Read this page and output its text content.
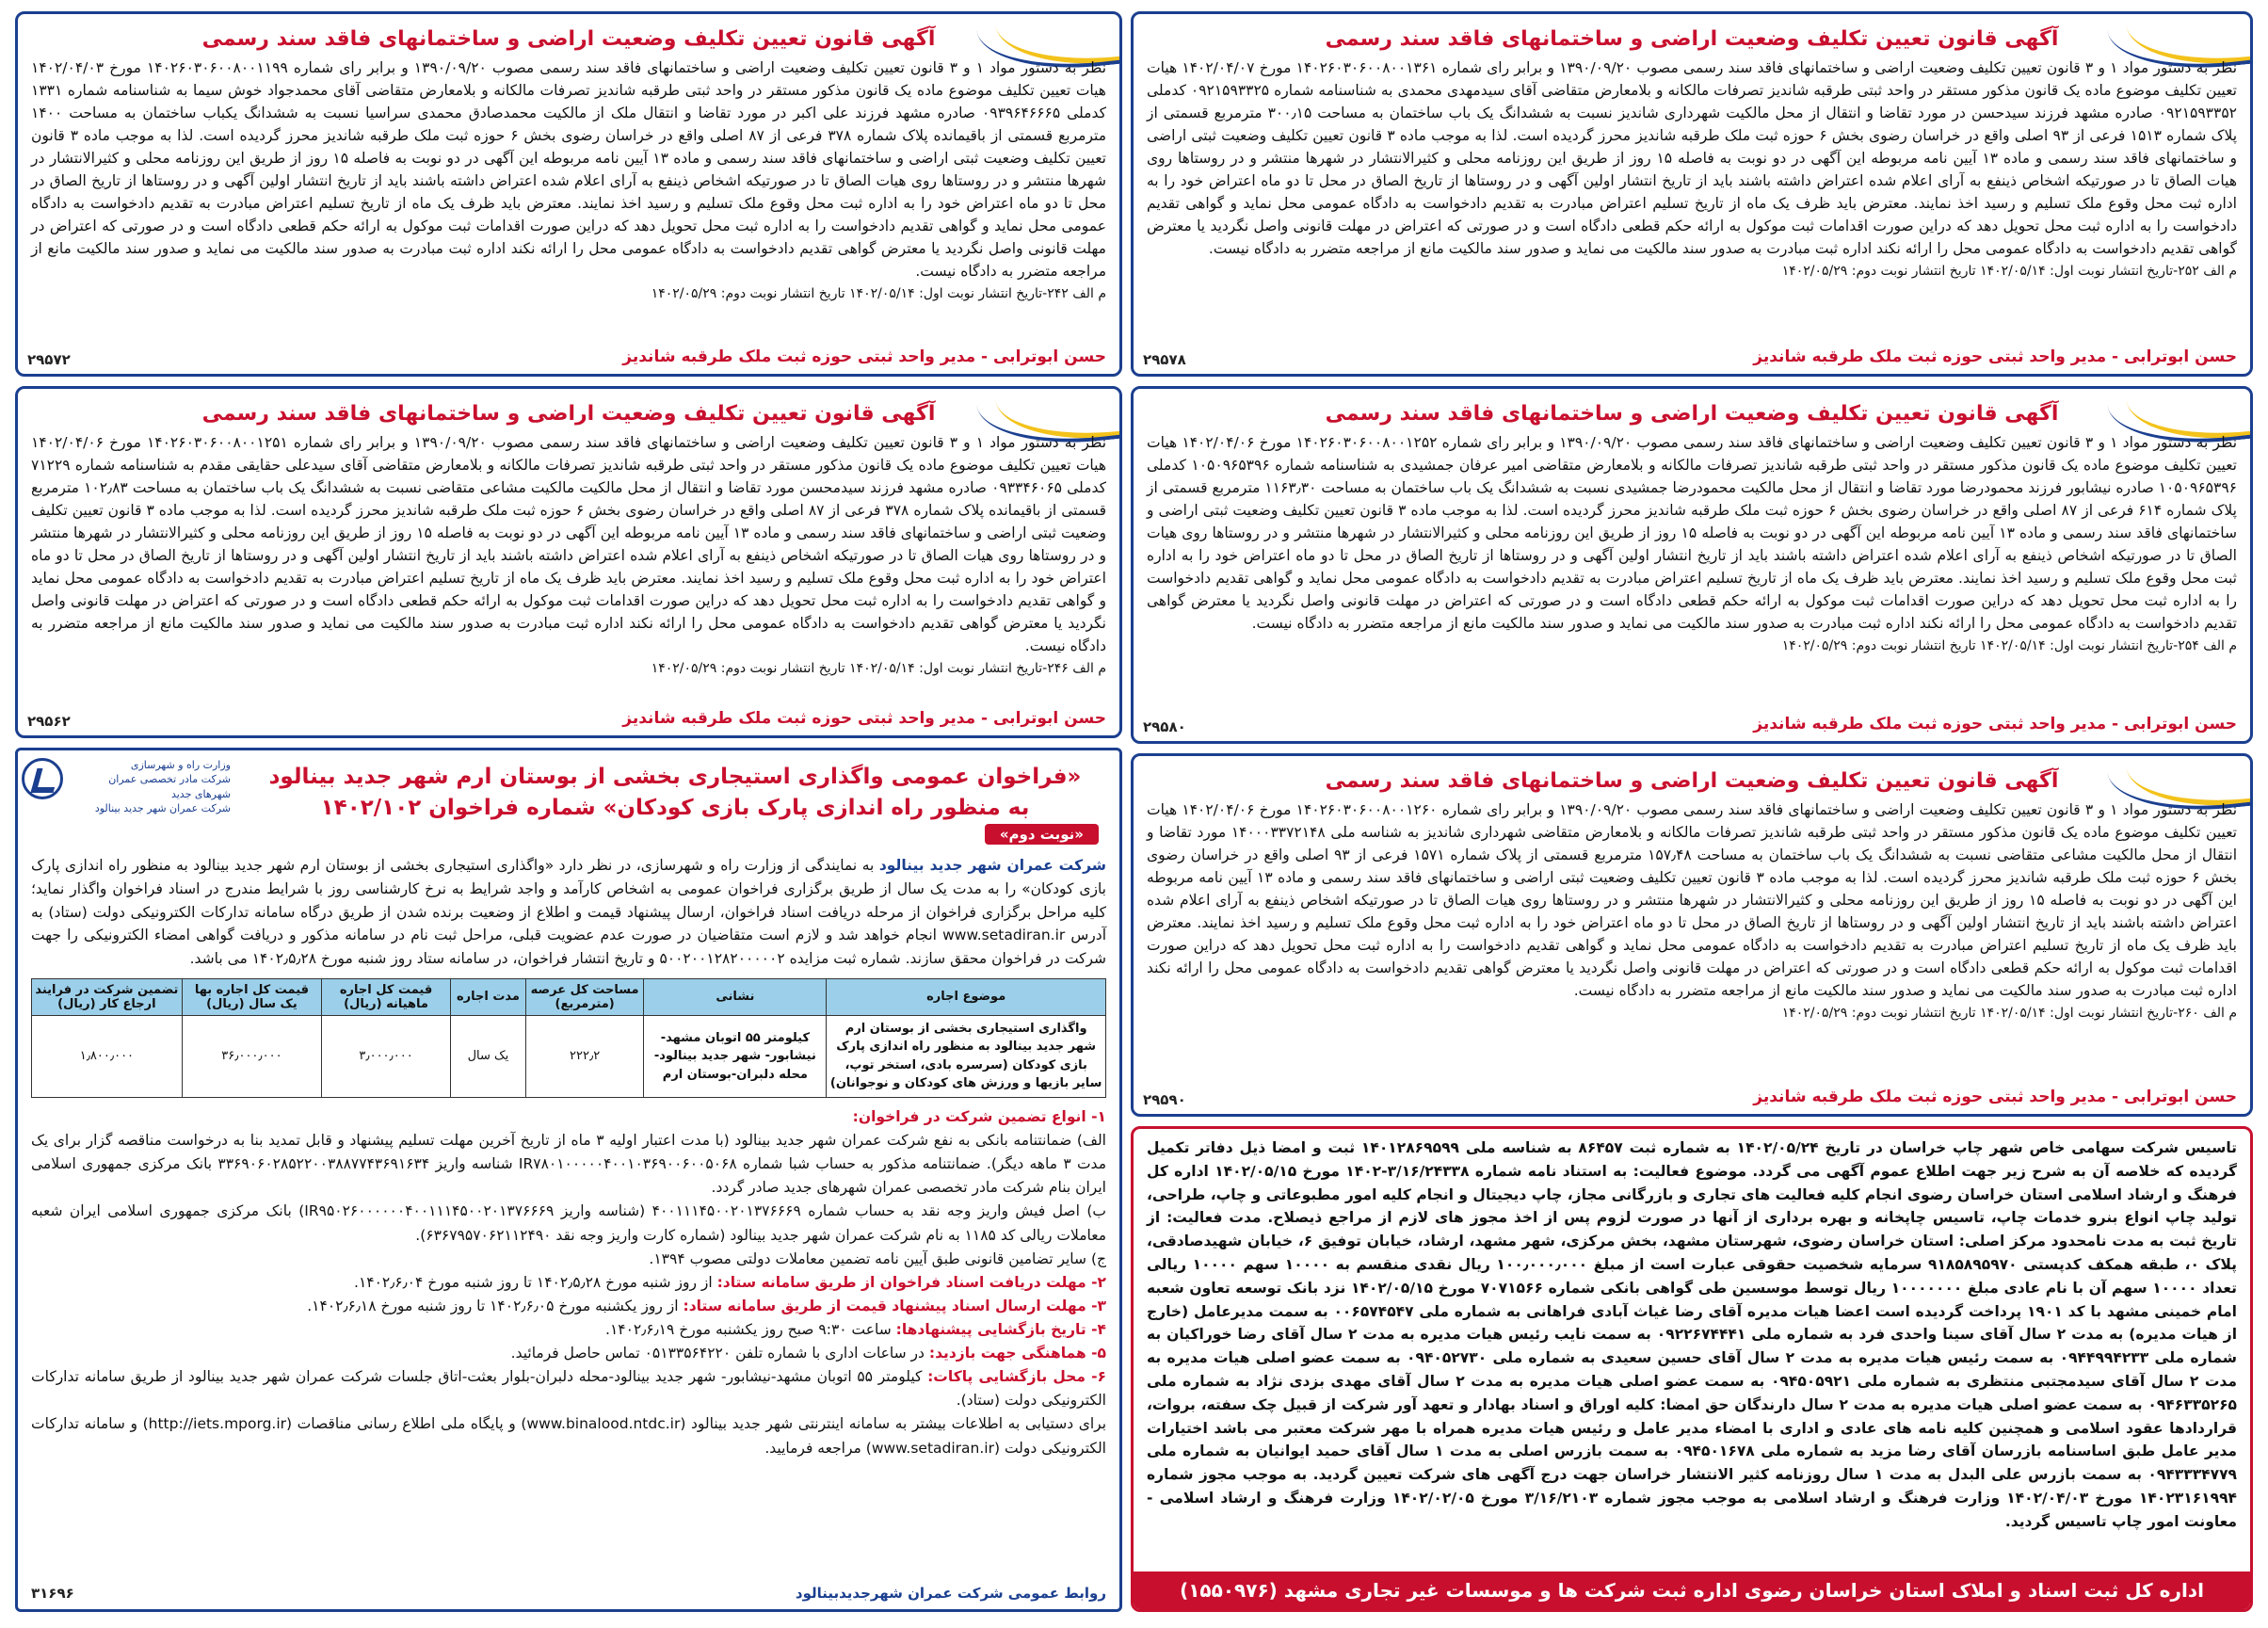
آگهی قانون تعیین تکلیف وضعیت اراضی و ساختمانهای فاقد سند رسمی
نظر به دستور مواد ۱ و ۳ قانون تعیین تکلیف وضعیت اراضی و ساختمانهای فاقد سند رسمی مصوب ۱۳۹۰/۰۹/۲۰ و برابر رای شماره ۱۴۰۲۶۰۳۰۶۰۰۸۰۰۱۳۶۱ مورخ ۱۴۰۲/۰۴/۰۷ هیات تعیین تکلیف موضوع ماده یک قانون مذکور مستقر در واحد ثبتی طرقبه شاندیز تصرفات مالکانه و بلامعارض متقاضی آقای سیدمهدی محمدی به شناسنامه شماره ۰۹۲۱۵۹۳۳۲۵ کدملی ۰۹۲۱۵۹۳۳۵۲ صادره مشهد فرزند سیدحسن در مورد تقاضا و انتقال از محل مالکیت شهرداری شاندیز نسبت به ششدانگ یک باب ساختمان به مساحت ۳۰۰٫۱۵ مترمربع قسمتی از پلاک شماره ۱۵۱۳ فرعی از ۹۳ اصلی واقع در خراسان رضوی بخش ۶ حوزه ثبت ملک طرقبه شاندیز محرز گردیده است. لذا به موجب ماده ۳ قانون تعیین تکلیف وضعیت ثبتی اراضی و ساختمانهای فاقد سند رسمی و ماده ۱۳ آیین نامه مربوطه این آگهی در دو نوبت به فاصله ۱۵ روز از طریق این روزنامه محلی و کثیرالانتشار در شهرها منتشر و در روستاها روی هیات الصاق تا در صورتیکه اشخاص ذینفع به آرای اعلام شده اعتراض داشته باشند باید از تاریخ انتشار اولین آگهی و در روستاها از تاریخ الصاق در محل تا دو ماه اعتراض خود را به اداره ثبت محل وقوع ملک تسلیم و رسید اخذ نمایند. معترض باید ظرف یک ماه از تاریخ تسلیم اعتراض مبادرت به تقدیم دادخواست به دادگاه عمومی محل نماید و گواهی تقدیم دادخواست را به اداره ثبت محل تحویل دهد که دراین صورت اقدامات ثبت موکول به ارائه حکم قطعی دادگاه است و در صورتی که اعتراض در مهلت قانونی واصل نگردید یا معترض گواهی تقدیم دادخواست به دادگاه عمومی محل را ارائه نکند اداره ثبت مبادرت به صدور سند مالکیت می نماید و صدور سند مالکیت مانع از مراجعه متضرر به دادگاه نیست.
م الف ۲۵۲-تاریخ انتشار نوبت اول: ۱۴۰۲/۰۵/۱۴ تاریخ انتشار نوبت دوم: ۱۴۰۲/۰۵/۲۹
حسن ابوترابی - مدیر واحد ثبتی حوزه ثبت ملک طرقبه شاندیز
۲۹۵۷۸
آگهی قانون تعیین تکلیف وضعیت اراضی و ساختمانهای فاقد سند رسمی
نظر به دستور مواد ۱ و ۳ قانون تعیین تکلیف وضعیت اراضی و ساختمانهای فاقد سند رسمی مصوب ۱۳۹۰/۰۹/۲۰ و برابر رای شماره ۱۴۰۲۶۰۳۰۶۰۰۸۰۰۱۱۹۹ مورخ ۱۴۰۲/۰۴/۰۳ هیات تعیین تکلیف موضوع ماده یک قانون مذکور مستقر در واحد ثبتی طرقبه شاندیز تصرفات مالکانه و بلامعارض متقاضی آقای محمدجواد خوش سیما به شناسنامه شماره ۱۳۳۱ کدملی ۰۹۳۹۶۴۶۶۶۵ صادره مشهد فرزند علی اکبر در مورد تقاضا و انتقال ملک از مالکیت محمدصادق محمدی سراسیا نسبت به ششدانگ یکباب ساختمان به مساحت ۱۴۰۰ مترمربع قسمتی از باقیمانده پلاک شماره ۳۷۸ فرعی از ۸۷ اصلی واقع در خراسان رضوی بخش ۶ حوزه ثبت ملک طرقبه شاندیز محرز گردیده است. لذا به موجب ماده ۳ قانون تعیین تکلیف وضعیت ثبتی اراضی و ساختمانهای فاقد سند رسمی و ماده ۱۳ آیین نامه مربوطه این آگهی در دو نوبت به فاصله ۱۵ روز از طریق این روزنامه محلی و کثیرالانتشار در شهرها منتشر و در روستاها روی هیات الصاق تا در صورتیکه اشخاص ذینفع به آرای اعلام شده اعتراض داشته باشند باید از تاریخ انتشار اولین آگهی و در روستاها از تاریخ الصاق در محل تا دو ماه اعتراض خود را به اداره ثبت محل وقوع ملک تسلیم و رسید اخذ نمایند. معترض باید ظرف یک ماه از تاریخ تسلیم اعتراض مبادرت به تقدیم دادخواست به دادگاه عمومی محل نماید و گواهی تقدیم دادخواست را به اداره ثبت محل تحویل دهد که دراین صورت اقدامات ثبت موکول به ارائه حکم قطعی دادگاه است و در صورتی که اعتراض در مهلت قانونی واصل نگردید یا معترض گواهی تقدیم دادخواست به دادگاه عمومی محل را ارائه نکند اداره ثبت مبادرت به صدور سند مالکیت می نماید و صدور سند مالکیت مانع از مراجعه متضرر به دادگاه نیست.
م الف ۲۴۲-تاریخ انتشار نوبت اول: ۱۴۰۲/۰۵/۱۴ تاریخ انتشار نوبت دوم: ۱۴۰۲/۰۵/۲۹
حسن ابوترابی - مدیر واحد ثبتی حوزه ثبت ملک طرقبه شاندیز
۲۹۵۷۲
آگهی قانون تعیین تکلیف وضعیت اراضی و ساختمانهای فاقد سند رسمی
نظر به دستور مواد ۱ و ۳ قانون تعیین تکلیف وضعیت اراضی و ساختمانهای فاقد سند رسمی مصوب ۱۳۹۰/۰۹/۲۰ و برابر رای شماره ۱۴۰۲۶۰۳۰۶۰۰۸۰۰۱۲۵۲ مورخ ۱۴۰۲/۰۴/۰۶ هیات تعیین تکلیف موضوع ماده یک قانون مذکور مستقر در واحد ثبتی طرقبه شاندیز تصرفات مالکانه و بلامعارض متقاضی امیر عرفان جمشیدی به شناسنامه شماره ۱۰۵۰۹۶۵۳۹۶ کدملی ۱۰۵۰۹۶۵۳۹۶ صادره نیشابور فرزند محمودرضا مورد تقاضا و انتقال از محل مالکیت محمودرضا جمشیدی نسبت به ششدانگ یک باب ساختمان به مساحت ۱۱۶۳٫۳۰ مترمربع قسمتی از پلاک شماره ۶۱۴ فرعی از ۸۷ اصلی واقع در خراسان رضوی بخش ۶ حوزه ثبت ملک طرقبه شاندیز محرز گردیده است. لذا به موجب ماده ۳ قانون تعیین تکلیف وضعیت ثبتی اراضی و ساختمانهای فاقد سند رسمی و ماده ۱۳ آیین نامه مربوطه این آگهی در دو نوبت به فاصله ۱۵ روز از طریق این روزنامه محلی و کثیرالانتشار در شهرها منتشر و در روستاها روی هیات الصاق تا در صورتیکه اشخاص ذینفع به آرای اعلام شده اعتراض داشته باشند باید از تاریخ انتشار اولین آگهی و در روستاها از تاریخ الصاق در محل تا دو ماه اعتراض خود را به اداره ثبت محل وقوع ملک تسلیم و رسید اخذ نمایند. معترض باید ظرف یک ماه از تاریخ تسلیم اعتراض مبادرت به تقدیم دادخواست به دادگاه عمومی محل نماید و گواهی تقدیم دادخواست را به اداره ثبت محل تحویل دهد که دراین صورت اقدامات ثبت موکول به ارائه حکم قطعی دادگاه است و در صورتی که اعتراض در مهلت قانونی واصل نگردید یا معترض گواهی تقدیم دادخواست به دادگاه عمومی محل را ارائه نکند اداره ثبت مبادرت به صدور سند مالکیت می نماید و صدور سند مالکیت مانع از مراجعه متضرر به دادگاه نیست.
م الف ۲۵۴-تاریخ انتشار نوبت اول: ۱۴۰۲/۰۵/۱۴ تاریخ انتشار نوبت دوم: ۱۴۰۲/۰۵/۲۹
حسن ابوترابی - مدیر واحد ثبتی حوزه ثبت ملک طرقبه شاندیز
۲۹۵۸۰
آگهی قانون تعیین تکلیف وضعیت اراضی و ساختمانهای فاقد سند رسمی
نظر به دستور مواد ۱ و ۳ قانون تعیین تکلیف وضعیت اراضی و ساختمانهای فاقد سند رسمی مصوب ۱۳۹۰/۰۹/۲۰ و برابر رای شماره ۱۴۰۲۶۰۳۰۶۰۰۸۰۰۱۲۵۱ مورخ ۱۴۰۲/۰۴/۰۶ هیات تعیین تکلیف موضوع ماده یک قانون مذکور مستقر در واحد ثبتی طرقبه شاندیز تصرفات مالکانه و بلامعارض متقاضی آقای سیدعلی حقایقی مقدم به شناسنامه شماره ۷۱۲۲۹ کدملی ۰۹۳۳۴۶۰۶۵ صادره مشهد فرزند سیدمحسن مورد تقاضا و انتقال از محل مالکیت مالکیت مشاعی متقاضی نسبت به ششدانگ یک باب ساختمان به مساحت ۱۰۲٫۸۳ مترمربع قسمتی از باقیمانده پلاک شماره ۳۷۸ فرعی از ۸۷ اصلی واقع در خراسان رضوی بخش ۶ حوزه ثبت ملک طرقبه شاندیز محرز گردیده است. لذا به موجب ماده ۳ قانون تعیین تکلیف وضعیت ثبتی اراضی و ساختمانهای فاقد سند رسمی و ماده ۱۳ آیین نامه مربوطه این آگهی در دو نوبت به فاصله ۱۵ روز از طریق این روزنامه محلی و کثیرالانتشار در شهرها منتشر و در روستاها روی هیات الصاق تا در صورتیکه اشخاص ذینفع به آرای اعلام شده اعتراض داشته باشند باید از تاریخ انتشار اولین آگهی و در روستاها از تاریخ الصاق در محل تا دو ماه اعتراض خود را به اداره ثبت محل وقوع ملک تسلیم و رسید اخذ نمایند. معترض باید ظرف یک ماه از تاریخ تسلیم اعتراض مبادرت به تقدیم دادخواست به دادگاه عمومی محل نماید و گواهی تقدیم دادخواست را به اداره ثبت محل تحویل دهد که دراین صورت اقدامات ثبت موکول به ارائه حکم قطعی دادگاه است و در صورتی که اعتراض در مهلت قانونی واصل نگردید یا معترض گواهی تقدیم دادخواست به دادگاه عمومی محل را ارائه نکند اداره ثبت مبادرت به صدور سند مالکیت می نماید و صدور سند مالکیت مانع از مراجعه متضرر به دادگاه نیست.
م الف ۲۴۶-تاریخ انتشار نوبت اول: ۱۴۰۲/۰۵/۱۴ تاریخ انتشار نوبت دوم: ۱۴۰۲/۰۵/۲۹
حسن ابوترابی - مدیر واحد ثبتی حوزه ثبت ملک طرقبه شاندیز
۲۹۵۶۲
آگهی قانون تعیین تکلیف وضعیت اراضی و ساختمانهای فاقد سند رسمی
نظر به دستور مواد ۱ و ۳ قانون تعیین تکلیف وضعیت اراضی و ساختمانهای فاقد سند رسمی مصوب ۱۳۹۰/۰۹/۲۰ و برابر رای شماره ۱۴۰۲۶۰۳۰۶۰۰۸۰۰۱۲۶۰ مورخ ۱۴۰۲/۰۴/۰۶ هیات تعیین تکلیف موضوع ماده یک قانون مذکور مستقر در واحد ثبتی طرقبه شاندیز تصرفات مالکانه و بلامعارض متقاضی شهرداری شاندیز به شناسه ملی ۱۴۰۰۰۳۳۷۲۱۴۸ مورد تقاضا و انتقال از محل مالکیت مشاعی متقاضی نسبت به ششدانگ یک باب ساختمان به مساحت ۱۵۷٫۴۸ مترمربع قسمتی از پلاک شماره ۱۵۷۱ فرعی از ۹۳ اصلی واقع در خراسان رضوی بخش ۶ حوزه ثبت ملک طرقبه شاندیز محرز گردیده است. لذا به موجب ماده ۳ قانون تعیین تکلیف وضعیت ثبتی اراضی و ساختمانهای فاقد سند رسمی و ماده ۱۳ آیین نامه مربوطه این آگهی در دو نوبت به فاصله ۱۵ روز از طریق این روزنامه محلی و کثیرالانتشار در شهرها منتشر و در روستاها روی هیات الصاق تا در صورتیکه اشخاص ذینفع به آرای اعلام شده اعتراض داشته باشند باید از تاریخ انتشار اولین آگهی و در روستاها از تاریخ الصاق در محل تا دو ماه اعتراض خود را به اداره ثبت محل وقوع ملک تسلیم و رسید اخذ نمایند. معترض باید ظرف یک ماه از تاریخ تسلیم اعتراض مبادرت به تقدیم دادخواست به دادگاه عمومی محل نماید و گواهی تقدیم دادخواست را به اداره ثبت محل تحویل دهد که دراین صورت اقدامات ثبت موکول به ارائه حکم قطعی دادگاه است و در صورتی که اعتراض در مهلت قانونی واصل نگردید یا معترض گواهی تقدیم دادخواست به دادگاه عمومی محل را ارائه نکند اداره ثبت مبادرت به صدور سند مالکیت می نماید و صدور سند مالکیت مانع از مراجعه متضرر به دادگاه نیست.
م الف ۲۶۰-تاریخ انتشار نوبت اول: ۱۴۰۲/۰۵/۱۴ تاریخ انتشار نوبت دوم: ۱۴۰۲/۰۵/۲۹
حسن ابوترابی - مدیر واحد ثبتی حوزه ثبت ملک طرقبه شاندیز
۲۹۵۹۰
وزارت راه و شهرسازی
شرکت مادر تخصصی عمران شهرهای جدید
شرکت عمران شهر جدید بینالود
«فراخوان عمومی واگذاری استیجاری بخشی از بوستان ارم شهر جدید بینالود
به منظور راه اندازی پارک بازی کودکان» شماره فراخوان ۱۴۰۲/۱۰۲
«نوبت دوم»
شرکت عمران شهر جدید بینالود به نمایندگی از وزارت راه و شهرسازی، در نظر دارد «واگذاری استیجاری بخشی از بوستان ارم شهر جدید بینالود به منظور راه اندازی پارک بازی کودکان» را به مدت یک سال از طریق برگزاری فراخوان عمومی به اشخاص کارآمد و واجد شرایط به نرخ کارشناسی روز با شرایط مندرج در اسناد فراخوان واگذار نماید؛ کلیه مراحل برگزاری فراخوان از مرحله دریافت اسناد فراخوان، ارسال پیشنهاد قیمت و اطلاع از وضعیت برنده شدن از طریق درگاه سامانه تدارکات الکترونیکی دولت (ستاد) به آدرس www.setadiran.ir انجام خواهد شد و لازم است متقاضیان در صورت عدم عضویت قبلی، مراحل ثبت نام در سامانه مذکور و دریافت گواهی امضاء الکترونیکی را جهت شرکت در فراخوان محقق سازند. شماره ثبت مزایده ۵۰۰۲۰۰۱۲۸۲۰۰۰۰۰۲ و تاریخ انتشار فراخوان، در سامانه ستاد روز شنبه مورخ ۱۴۰۲٫۵٫۲۸ می باشد.
موضوع اجاره	نشانی	مساحت کل عرصه (مترمربع)	مدت اجاره	قیمت کل اجاره ماهیانه (ریال)	قیمت کل اجاره بها یک سال (ریال)	تضمین شرکت در فرایند ارجاع کار (ریال)
واگذاری استیجاری بخشی از بوستان ارم شهر جدید بینالود به منظور راه اندازی پارک بازی کودکان (سرسره بادی، استخر توپ، سایر بازیها و ورزش های کودکان و نوجوانان)	کیلومتر ۵۵ اتوبان مشهد-نیشابور- شهر جدید بینالود- محله دلبران-بوستان ارم	۲۲۲٫۲	یک سال	۳٫۰۰۰٫۰۰۰	۳۶٫۰۰۰٫۰۰۰	۱٫۸۰۰٫۰۰۰
۱- انواع تضمین شرکت در فراخوان:
الف) ضمانتنامه بانکی به نفع شرکت عمران شهر جدید بینالود (با مدت اعتبار اولیه ۳ ماه از تاریخ آخرین مهلت تسلیم پیشنهاد و قابل تمدید بنا به درخواست مناقصه گزار برای یک مدت ۳ ماهه دیگر). ضمانتنامه مذکور به حساب شبا شماره IR۷۸۰۱۰۰۰۰۰۴۰۰۱۰۳۶۹۰۰۶۰۰۵۰۶۸ شناسه واریز ۳۳۶۹۰۶۰۲۸۵۲۲۰۰۳۸۸۷۷۴۳۶۹۱۶۳۴ بانک مرکزی جمهوری اسلامی ایران بنام شرکت مادر تخصصی عمران شهرهای جدید صادر گردد.
ب) اصل فیش واریز وجه نقد به حساب شماره ۴۰۰۱۱۱۴۵۰۰۲۰۱۳۷۶۶۶۹ (شناسه واریز IR۹۵۰۲۶۰۰۰۰۰۰۴۰۰۱۱۱۴۵۰۰۲۰۱۳۷۶۶۶۹) بانک مرکزی جمهوری اسلامی ایران شعبه معاملات ریالی کد ۱۱۸۵ به نام شرکت عمران شهر جدید بینالود (شماره کارت واریز وجه نقد ۶۳۶۷۹۵۷۰۶۲۱۱۲۴۹۰).
ج) سایر تضامین قانونی طبق آیین نامه تضمین معاملات دولتی مصوب ۱۳۹۴.
۲- مهلت دریافت اسناد فراخوان از طریق سامانه ستاد: از روز شنبه مورخ ۱۴۰۲٫۵٫۲۸ تا روز شنبه مورخ ۱۴۰۲٫۶٫۰۴.
۳- مهلت ارسال اسناد پیشنهاد قیمت از طریق سامانه ستاد: از روز یکشنبه مورخ ۱۴۰۲٫۶٫۰۵ تا روز شنبه مورخ ۱۴۰۲٫۶٫۱۸.
۴- تاریخ بازگشایی پیشنهادها: ساعت ۹:۳۰ صبح روز یکشنبه مورخ ۱۴۰۲٫۶٫۱۹.
۵- هماهنگی جهت بازدید: در ساعات اداری با شماره تلفن ۰۵۱۳۳۵۶۴۲۲۰ تماس حاصل فرمائید.
۶- محل بازگشایی پاکات: کیلومتر ۵۵ اتوبان مشهد-نیشابور- شهر جدید بینالود-محله دلبران-بلوار بعثت-اتاق جلسات شرکت عمران شهر جدید بینالود از طریق سامانه تدارکات الکترونیکی دولت (ستاد).
برای دستیابی به اطلاعات بیشتر به سامانه اینترنتی شهر جدید بینالود (www.binalood.ntdc.ir) و پایگاه ملی اطلاع رسانی مناقصات (http://iets.mporg.ir) و سامانه تدارکات الکترونیکی دولت (www.setadiran.ir) مراجعه فرمایید.
روابط عمومی شرکت عمران شهرجدیدبینالود
۳۱۶۹۶
تاسیس شرکت سهامی خاص شهر چاپ خراسان در تاریخ ۱۴۰۲/۰۵/۲۴ به شماره ثبت ۸۶۴۵۷ به شناسه ملی ۱۴۰۱۲۸۶۹۵۹۹ ثبت و امضا ذیل دفاتر تکمیل گردیده که خلاصه آن به شرح زیر جهت اطلاع عموم آگهی می گردد. موضوع فعالیت: به استناد نامه شماره ۳/۱۶/۲۴۳۳۸-۱۴۰۲ مورخ ۱۴۰۲/۰۵/۱۵ اداره کل فرهنگ و ارشاد اسلامی استان خراسان رضوی انجام کلیه فعالیت های تجاری و بازرگانی مجاز، چاپ دیجیتال و انجام کلیه امور مطبوعاتی و چاپ، طراحی، تولید چاپ انواع بنرو خدمات چاپ، تاسیس چاپخانه و بهره برداری از آنها در صورت لزوم پس از اخذ مجوز های لازم از مراجع ذیصلاح. مدت فعالیت: از تاریخ ثبت به مدت نامحدود مرکز اصلی: استان خراسان رضوی، شهرستان مشهد، بخش مرکزی، شهر مشهد، ارشاد، خیابان توفیق ۶، خیابان شهیدصادقی، پلاک ۰، طبقه همکف کدپستی ۹۱۸۵۸۹۵۹۷۰ سرمایه شخصیت حقوقی عبارت است از مبلغ ۱۰۰٫۰۰۰٫۰۰۰ ریال نقدی منقسم به ۱۰۰۰۰ سهم ۱۰۰۰۰ ریالی تعداد ۱۰۰۰۰ سهم آن با نام عادی مبلغ ۱۰۰۰۰۰۰۰ ریال توسط موسسین طی گواهی بانکی شماره ۷۰۷۱۵۶۶ مورخ ۱۴۰۲/۰۵/۱۵ نزد بانک توسعه تعاون شعبه امام خمینی مشهد با کد ۱۹۰۱ پرداخت گردیده است اعضا هیات مدیره آقای رضا غیاث آبادی فراهانی به شماره ملی ۰۰۶۵۷۴۵۴۷ به سمت مدیرعامل (خارج از هیات مدیره) به مدت ۲ سال آقای سینا واحدی فرد به شماره ملی ۰۹۲۲۶۷۴۴۴۱ به سمت نایب رئیس هیات مدیره به مدت ۲ سال آقای رضا خوراکیان به شماره ملی ۰۹۴۴۹۹۴۲۳۳ به سمت رئیس هیات مدیره به مدت ۲ سال آقای حسین سعیدی به شماره ملی ۰۹۴۰۵۲۷۳۰ به سمت عضو اصلی هیات مدیره به مدت ۲ سال آقای سیدمجتبی منتظری به شماره ملی ۰۹۴۵۰۵۹۲۱ به سمت عضو اصلی هیات مدیره به مدت ۲ سال آقای مهدی بزدی نژاد به شماره ملی ۰۹۴۶۳۳۵۲۶۵ به سمت عضو اصلی هیات مدیره به مدت ۲ سال دارندگان حق امضا: کلیه اوراق و اسناد بهادار و تعهد آور شرکت از قبیل چک سفته، بروات، قراردادها عقود اسلامی و همچنین کلیه نامه های عادی و اداری با امضاء مدیر عامل و رئیس هیات مدیره همراه با مهر شرکت معتبر می باشد اختیارات مدیر عامل طبق اساسنامه بازرسان آقای رضا مزید به شماره ملی ۰۹۴۵۰۱۶۷۸ به سمت بازرس اصلی به مدت ۱ سال آقای حمید ایوانیان به شماره ملی ۰۹۴۳۳۳۴۷۷۹ به سمت بازرس علی البدل به مدت ۱ سال روزنامه کثیر الانتشار خراسان جهت درج آگهی های شرکت تعیین گردید. به موجب مجوز شماره ۱۴۰۲۳۱۶۱۹۹۴ مورخ ۱۴۰۲/۰۴/۰۳ وزارت فرهنگ و ارشاد اسلامی به موجب مجوز شماره ۳/۱۶/۲۱۰۳ مورخ ۱۴۰۲/۰۲/۰۵ وزارت فرهنگ و ارشاد اسلامی - معاونت امور چاپ تاسیس گردید.
اداره کل ثبت اسناد و املاک استان خراسان رضوی اداره ثبت شرکت ها و موسسات غیر تجاری مشهد (۱۵۵۰۹۷۶)
